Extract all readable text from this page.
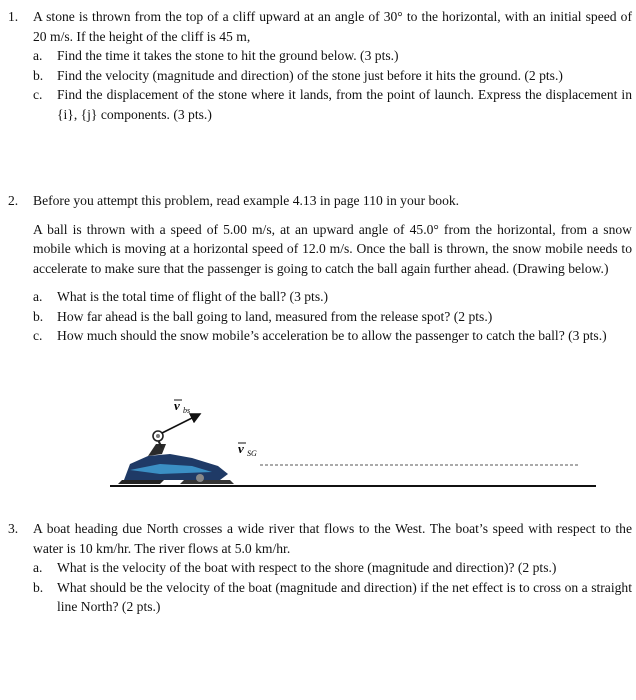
1. A stone is thrown from the top of a cliff upward at an angle of 30° to the horizontal, with an initial speed of 20 m/s. If the height of the cliff is 45 m,
a. Find the time it takes the stone to hit the ground below. (3 pts.)
b. Find the velocity (magnitude and direction) of the stone just before it hits the ground. (2 pts.)
c. Find the displacement of the stone where it lands, from the point of launch. Express the displacement in {i}, {j} components. (3 pts.)
2. Before you attempt this problem, read example 4.13 in page 110 in your book.
A ball is thrown with a speed of 5.00 m/s, at an upward angle of 45.0° from the horizontal, from a snow mobile which is moving at a horizontal speed of 12.0 m/s. Once the ball is thrown, the snow mobile needs to accelerate to make sure that the passenger is going to catch the ball again further ahead. (Drawing below.)
a. What is the total time of flight of the ball? (3 pts.)
b. How far ahead is the ball going to land, measured from the release spot? (2 pts.)
c. How much should the snow mobile’s acceleration be to allow the passenger to catch the ball? (3 pts.)
v bs
v SG
3. A boat heading due North crosses a wide river that flows to the West. The boat’s speed with respect to the water is 10 km/hr. The river flows at 5.0 km/hr.
a. What is the velocity of the boat with respect to the shore (magnitude and direction)? (2 pts.)
b. What should be the velocity of the boat (magnitude and direction) if the net effect is to cross on a straight line North? (2 pts.)
